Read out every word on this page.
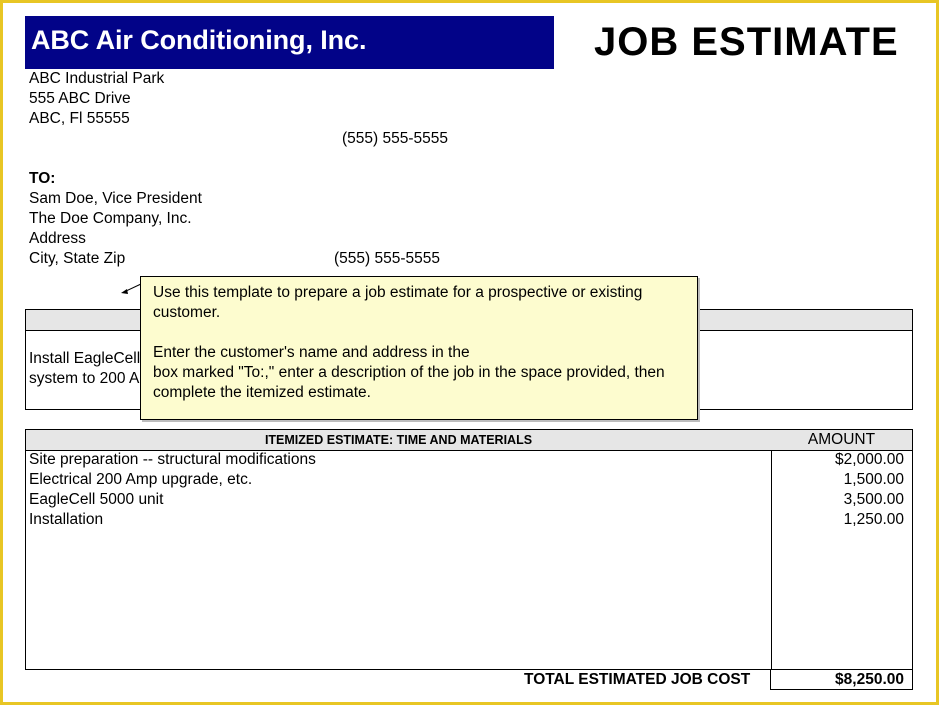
ABC Air Conditioning, Inc.	JOB ESTIMATE
ABC Industrial Park
555 ABC Drive
ABC, Fl 55555
(555) 555-5555
TO:
Sam Doe, Vice President
The Doe Company, Inc.
Address
City, State Zip	(555) 555-5555
Install EagleCell
system to 200 A
Use this template to prepare a job estimate for a prospective or existing
customer.
Enter the customer's name and address in the
box marked "To:," enter a description of the job in the space provided, then
complete the itemized estimate.
ITEMIZED ESTIMATE: TIME AND MATERIALS	AMOUNT
Site preparation -- structural modifications	$2,000.00
Electrical 200 Amp upgrade, etc.	1,500.00
EagleCell 5000 unit	3,500.00
Installation	1,250.00
TOTAL ESTIMATED JOB COST	$8,250.00
